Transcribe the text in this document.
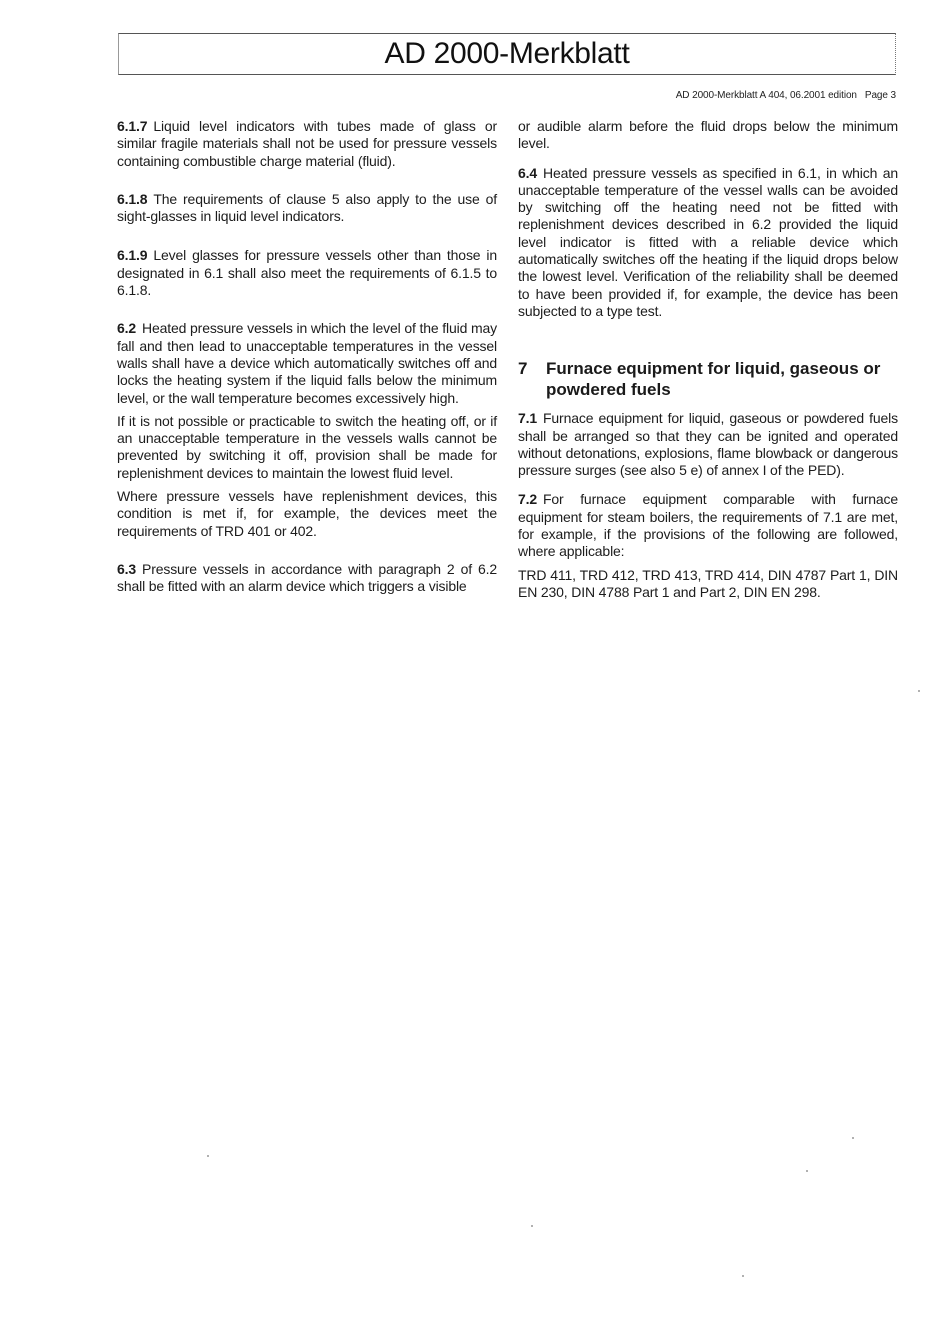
AD 2000-Merkblatt
AD 2000-Merkblatt A 404, 06.2001 edition   Page 3

6.1.7 Liquid level indicators with tubes made of glass or similar fragile materials shall not be used for pressure vessels containing combustible charge material (fluid).

6.1.8 The requirements of clause 5 also apply to the use of sight-glasses in liquid level indicators.

6.1.9 Level glasses for pressure vessels other than those in designated in 6.1 shall also meet the requirements of 6.1.5 to 6.1.8.

6.2 Heated pressure vessels in which the level of the fluid may fall and then lead to unacceptable temperatures in the vessel walls shall have a device which automatically switches off and locks the heating system if the liquid falls below the minimum level, or the wall temperature becomes excessively high.

If it is not possible or practicable to switch the heating off, or if an unacceptable temperature in the vessels walls cannot be prevented by switching it off, provision shall be made for replenishment devices to maintain the lowest fluid level.

Where pressure vessels have replenishment devices, this condition is met if, for example, the devices meet the requirements of TRD 401 or 402.

6.3 Pressure vessels in accordance with paragraph 2 of 6.2 shall be fitted with an alarm device which triggers a visible

or audible alarm before the fluid drops below the minimum level.

6.4 Heated pressure vessels as specified in 6.1, in which an unacceptable temperature of the vessel walls can be avoided by switching off the heating need not be fitted with replenishment devices described in 6.2 provided the liquid level indicator is fitted with a reliable device which automatically switches off the heating if the liquid drops below the lowest level. Verification of the reliability shall be deemed to have been provided if, for example, the device has been subjected to a type test.

7	Furnace equipment for liquid, gaseous or powdered fuels

7.1 Furnace equipment for liquid, gaseous or powdered fuels shall be arranged so that they can be ignited and operated without detonations, explosions, flame blowback or dangerous pressure surges (see also 5 e) of annex I of the PED).

7.2 For furnace equipment comparable with furnace equipment for steam boilers, the requirements of 7.1 are met, for example, if the provisions of the following are followed, where applicable:

TRD 411, TRD 412, TRD 413, TRD 414, DIN 4787 Part 1, DIN EN 230, DIN 4788 Part 1 and Part 2, DIN EN 298.
